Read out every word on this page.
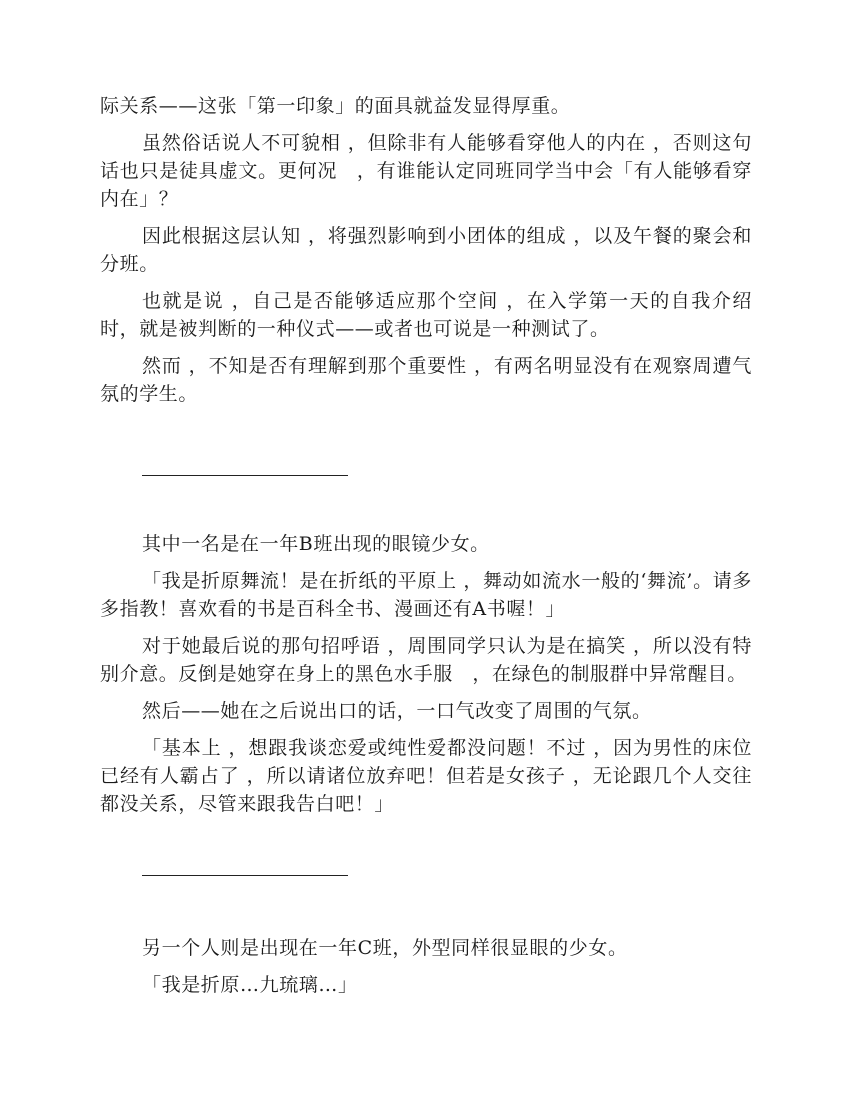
际关系——这张「第一印象」的面具就益发显得厚重。

虽然俗话说人不可貌相 ，但除非有人能够看穿他人的内在 ，否则这句话也只是徒具虚文。更何况　，有谁能认定同班同学当中会「有人能够看穿内在」？

因此根据这层认知 ，将强烈影响到小团体的组成 ，以及午餐的聚会和分班。

也就是说 ，自己是否能够适应那个空间 ，在入学第一天的自我介绍时，就是被判断的一种仪式——或者也可说是一种测试了。

然而 ，不知是否有理解到那个重要性 ，有两名明显没有在观察周遭气氛的学生。

其中一名是在一年B班出现的眼镜少女。

「我是折原舞流！是在折纸的平原上 ，舞动如流水一般的‘舞流’。请多多指教！喜欢看的书是百科全书、漫画还有A书喔！」

对于她最后说的那句招呼语 ，周围同学只认为是在搞笑 ，所以没有特别介意。反倒是她穿在身上的黑色水手服　，在绿色的制服群中异常醒目。

然后——她在之后说出口的话，一口气改变了周围的气氛。

「基本上 ，想跟我谈恋爱或纯性爱都没问题！不过 ，因为男性的床位已经有人霸占了 ，所以请诸位放弃吧！但若是女孩子 ，无论跟几个人交往都没关系，尽管来跟我告白吧！」

另一个人则是出现在一年C班，外型同样很显眼的少女。

「我是折原…九琉璃…」
